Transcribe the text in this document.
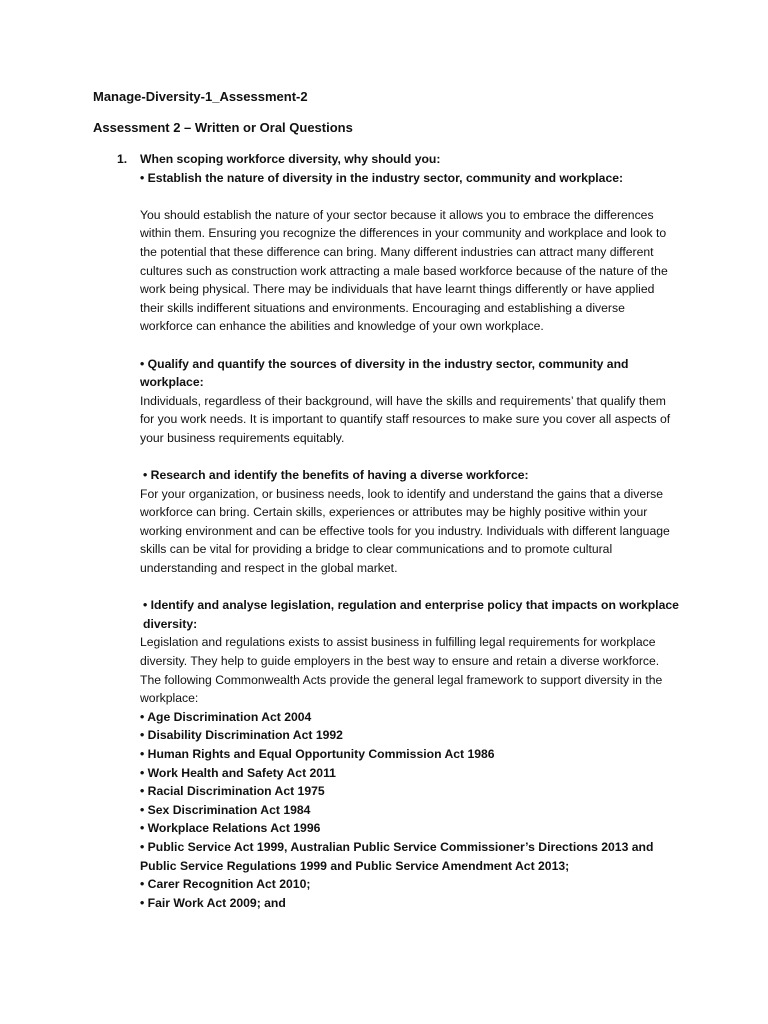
Manage-Diversity-1_Assessment-2
Assessment 2 – Written or Oral Questions
1. When scoping workforce diversity, why should you:

• Establish the nature of diversity in the industry sector, community and workplace:

You should establish the nature of your sector because it allows you to embrace the differences within them. Ensuring you recognize the differences in your community and workplace and look to the potential that these difference can bring. Many different industries can attract many different cultures such as construction work attracting a male based workforce because of the nature of the work being physical. There may be individuals that have learnt things differently or have applied their skills indifferent situations and environments. Encouraging and establishing a diverse workforce can enhance the abilities and knowledge of your own workplace.

• Qualify and quantify the sources of diversity in the industry sector, community and workplace:

Individuals, regardless of their background, will have the skills and requirements’ that qualify them for you work needs. It is important to quantify staff resources to make sure you cover all aspects of your business requirements equitably.

• Research and identify the benefits of having a diverse workforce:

For your organization, or business needs, look to identify and understand the gains that a diverse workforce can bring. Certain skills, experiences or attributes may be highly positive within your working environment and can be effective tools for you industry. Individuals with different language skills can be vital for providing a bridge to clear communications and to promote cultural understanding and respect in the global market.

• Identify and analyse legislation, regulation and enterprise policy that impacts on workplace diversity:

Legislation and regulations exists to assist business in fulfilling legal requirements for workplace diversity. They help to guide employers in the best way to ensure and retain a diverse workforce. The following Commonwealth Acts provide the general legal framework to support diversity in the workplace:

• Age Discrimination Act 2004
• Disability Discrimination Act 1992
• Human Rights and Equal Opportunity Commission Act 1986
• Work Health and Safety Act 2011
• Racial Discrimination Act 1975
• Sex Discrimination Act 1984
• Workplace Relations Act 1996
• Public Service Act 1999, Australian Public Service Commissioner’s Directions 2013 and Public Service Regulations 1999 and Public Service Amendment Act 2013;
• Carer Recognition Act 2010;
• Fair Work Act 2009; and
